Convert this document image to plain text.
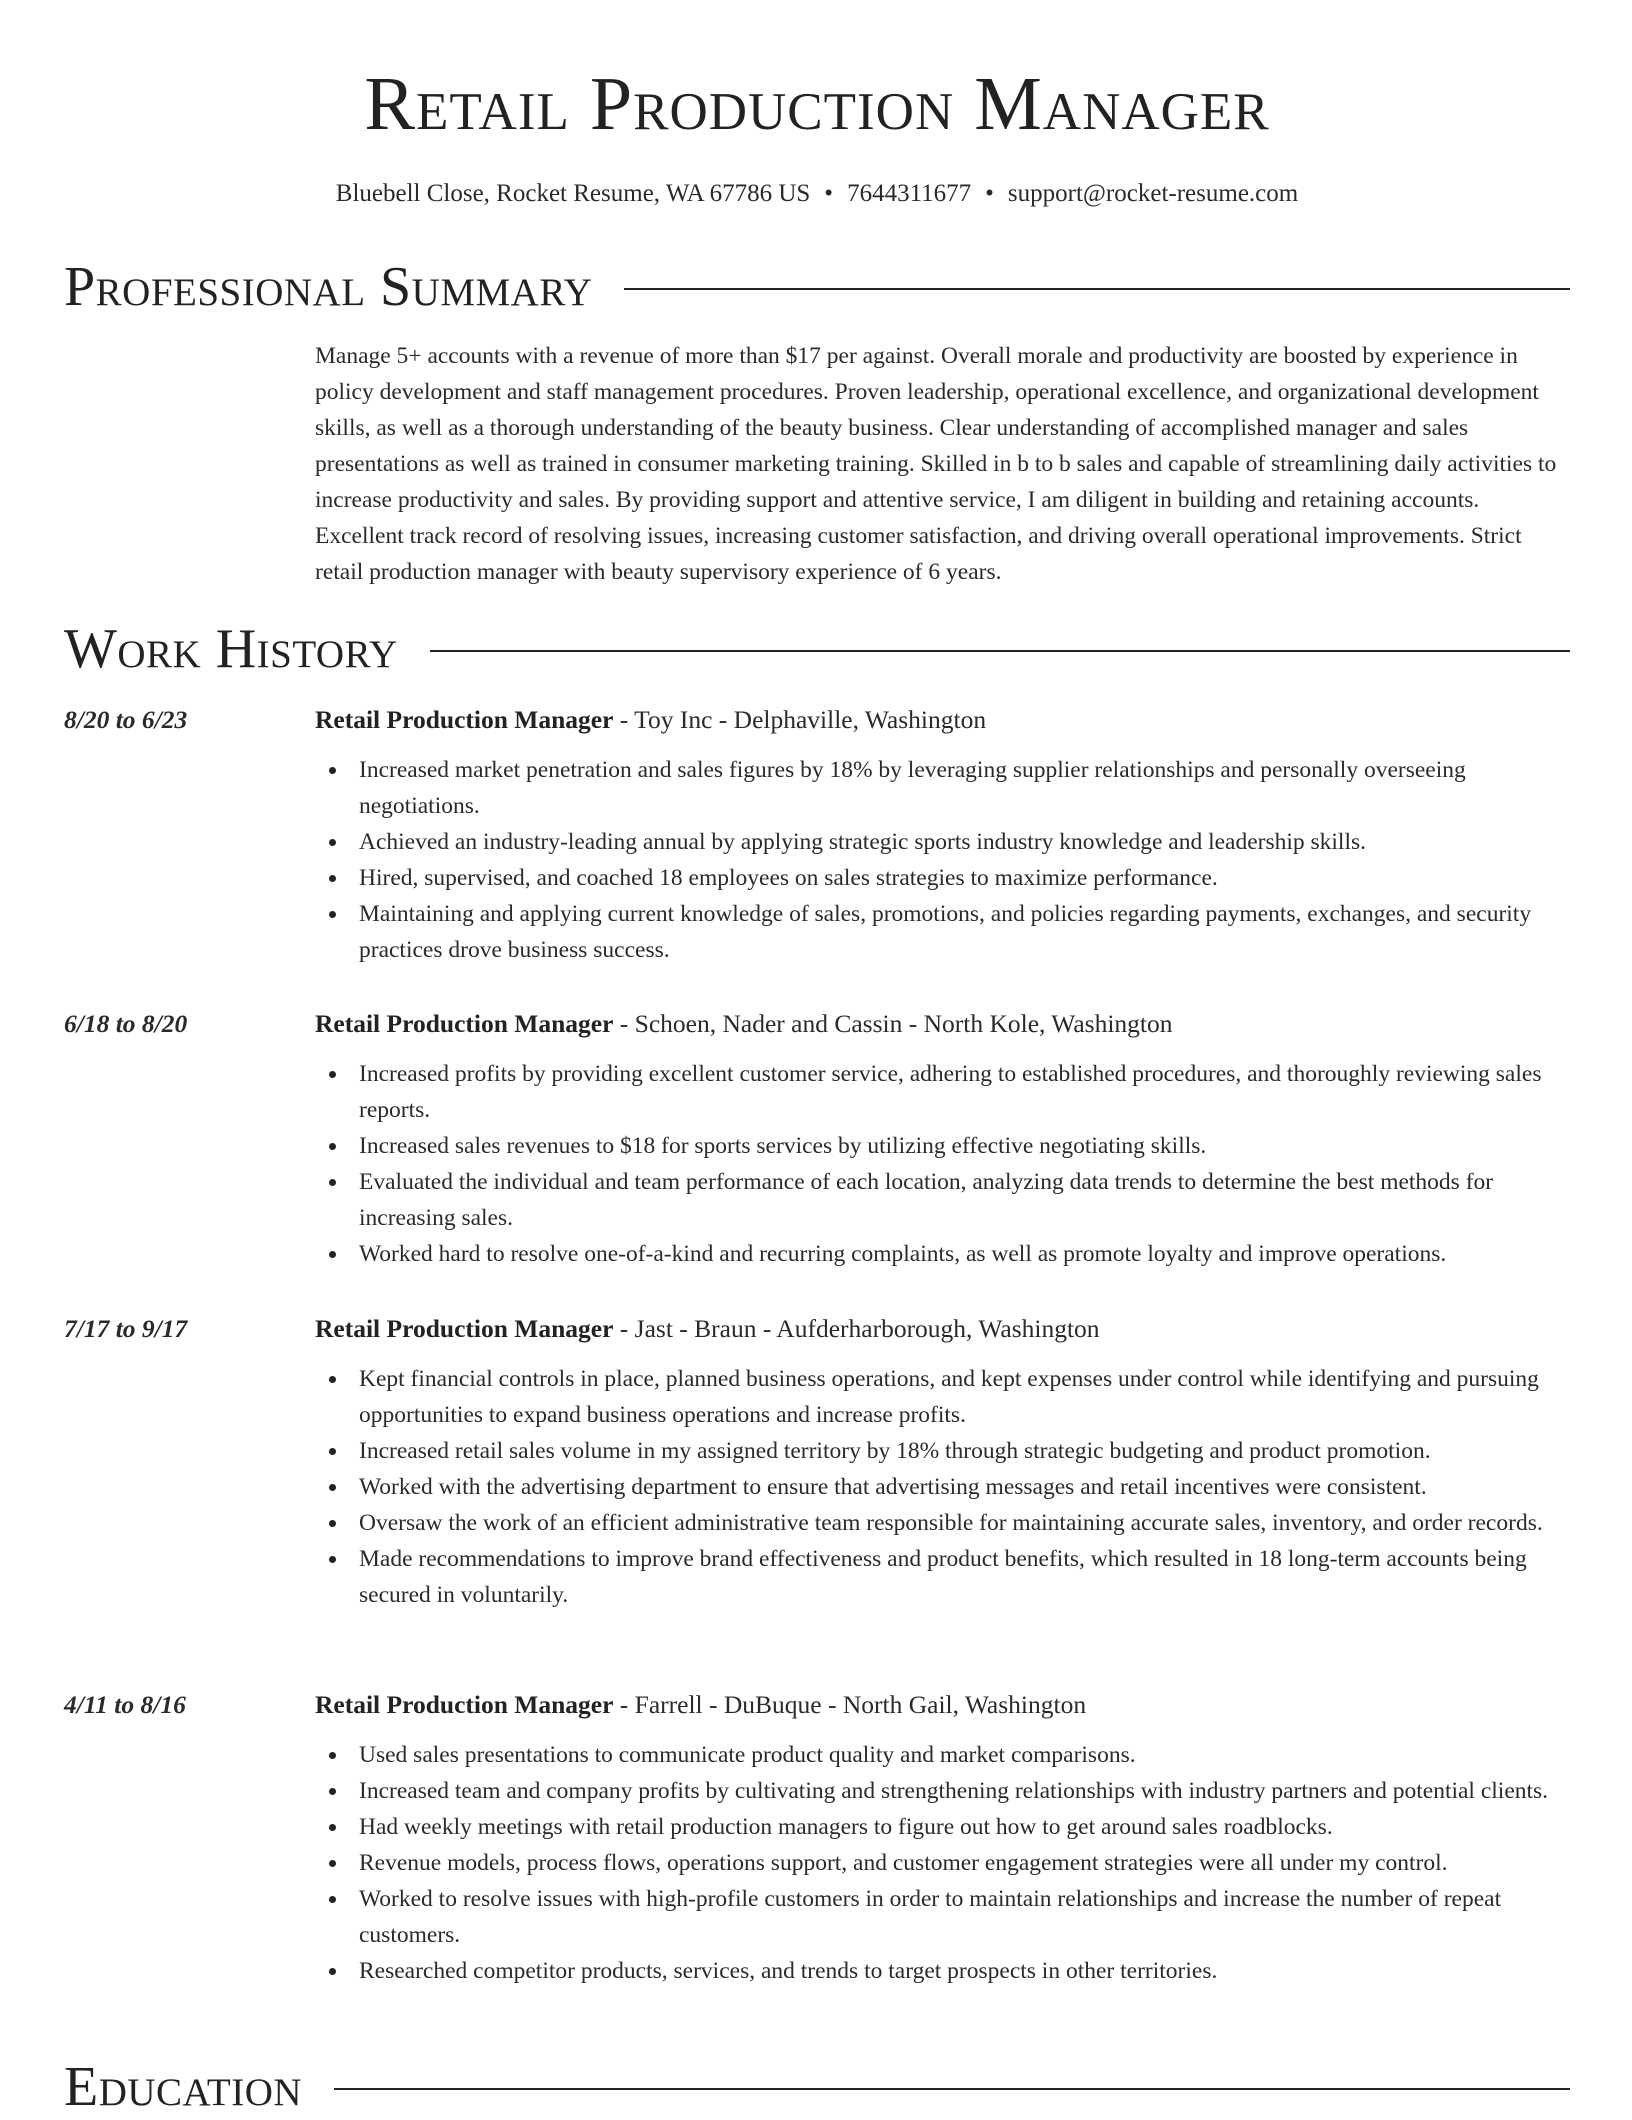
Retail Production Manager
Bluebell Close, Rocket Resume, WA 67786 US • 7644311677 • support@rocket-resume.com
Professional Summary

Manage 5+ accounts with a revenue of more than $17 per against. Overall morale and productivity are boosted by experience in policy development and staff management procedures. Proven leadership, operational excellence, and organizational development skills, as well as a thorough understanding of the beauty business. Clear understanding of accomplished manager and sales presentations as well as trained in consumer marketing training. Skilled in b to b sales and capable of streamlining daily activities to increase productivity and sales. By providing support and attentive service, I am diligent in building and retaining accounts. Excellent track record of resolving issues, increasing customer satisfaction, and driving overall operational improvements. Strict retail production manager with beauty supervisory experience of 6 years.

Work History
8/20 to 6/23	Retail Production Manager - Toy Inc - Delphaville, Washington
Increased market penetration and sales figures by 18% by leveraging supplier relationships and personally overseeing negotiations.
Achieved an industry-leading annual by applying strategic sports industry knowledge and leadership skills.
Hired, supervised, and coached 18 employees on sales strategies to maximize performance.
Maintaining and applying current knowledge of sales, promotions, and policies regarding payments, exchanges, and security practices drove business success.
6/18 to 8/20	Retail Production Manager - Schoen, Nader and Cassin - North Kole, Washington
Increased profits by providing excellent customer service, adhering to established procedures, and thoroughly reviewing sales reports.
Increased sales revenues to $18 for sports services by utilizing effective negotiating skills.
Evaluated the individual and team performance of each location, analyzing data trends to determine the best methods for increasing sales.
Worked hard to resolve one-of-a-kind and recurring complaints, as well as promote loyalty and improve operations.
7/17 to 9/17	Retail Production Manager - Jast - Braun - Aufderharborough, Washington
Kept financial controls in place, planned business operations, and kept expenses under control while identifying and pursuing opportunities to expand business operations and increase profits.
Increased retail sales volume in my assigned territory by 18% through strategic budgeting and product promotion.
Worked with the advertising department to ensure that advertising messages and retail incentives were consistent.
Oversaw the work of an efficient administrative team responsible for maintaining accurate sales, inventory, and order records.
Made recommendations to improve brand effectiveness and product benefits, which resulted in 18 long-term accounts being secured in voluntarily.
4/11 to 8/16	Retail Production Manager - Farrell - DuBuque - North Gail, Washington
Used sales presentations to communicate product quality and market comparisons.
Increased team and company profits by cultivating and strengthening relationships with industry partners and potential clients.
Had weekly meetings with retail production managers to figure out how to get around sales roadblocks.
Revenue models, process flows, operations support, and customer engagement strategies were all under my control.
Worked to resolve issues with high-profile customers in order to maintain relationships and increase the number of repeat customers.
Researched competitor products, services, and trends to target prospects in other territories.
Education
